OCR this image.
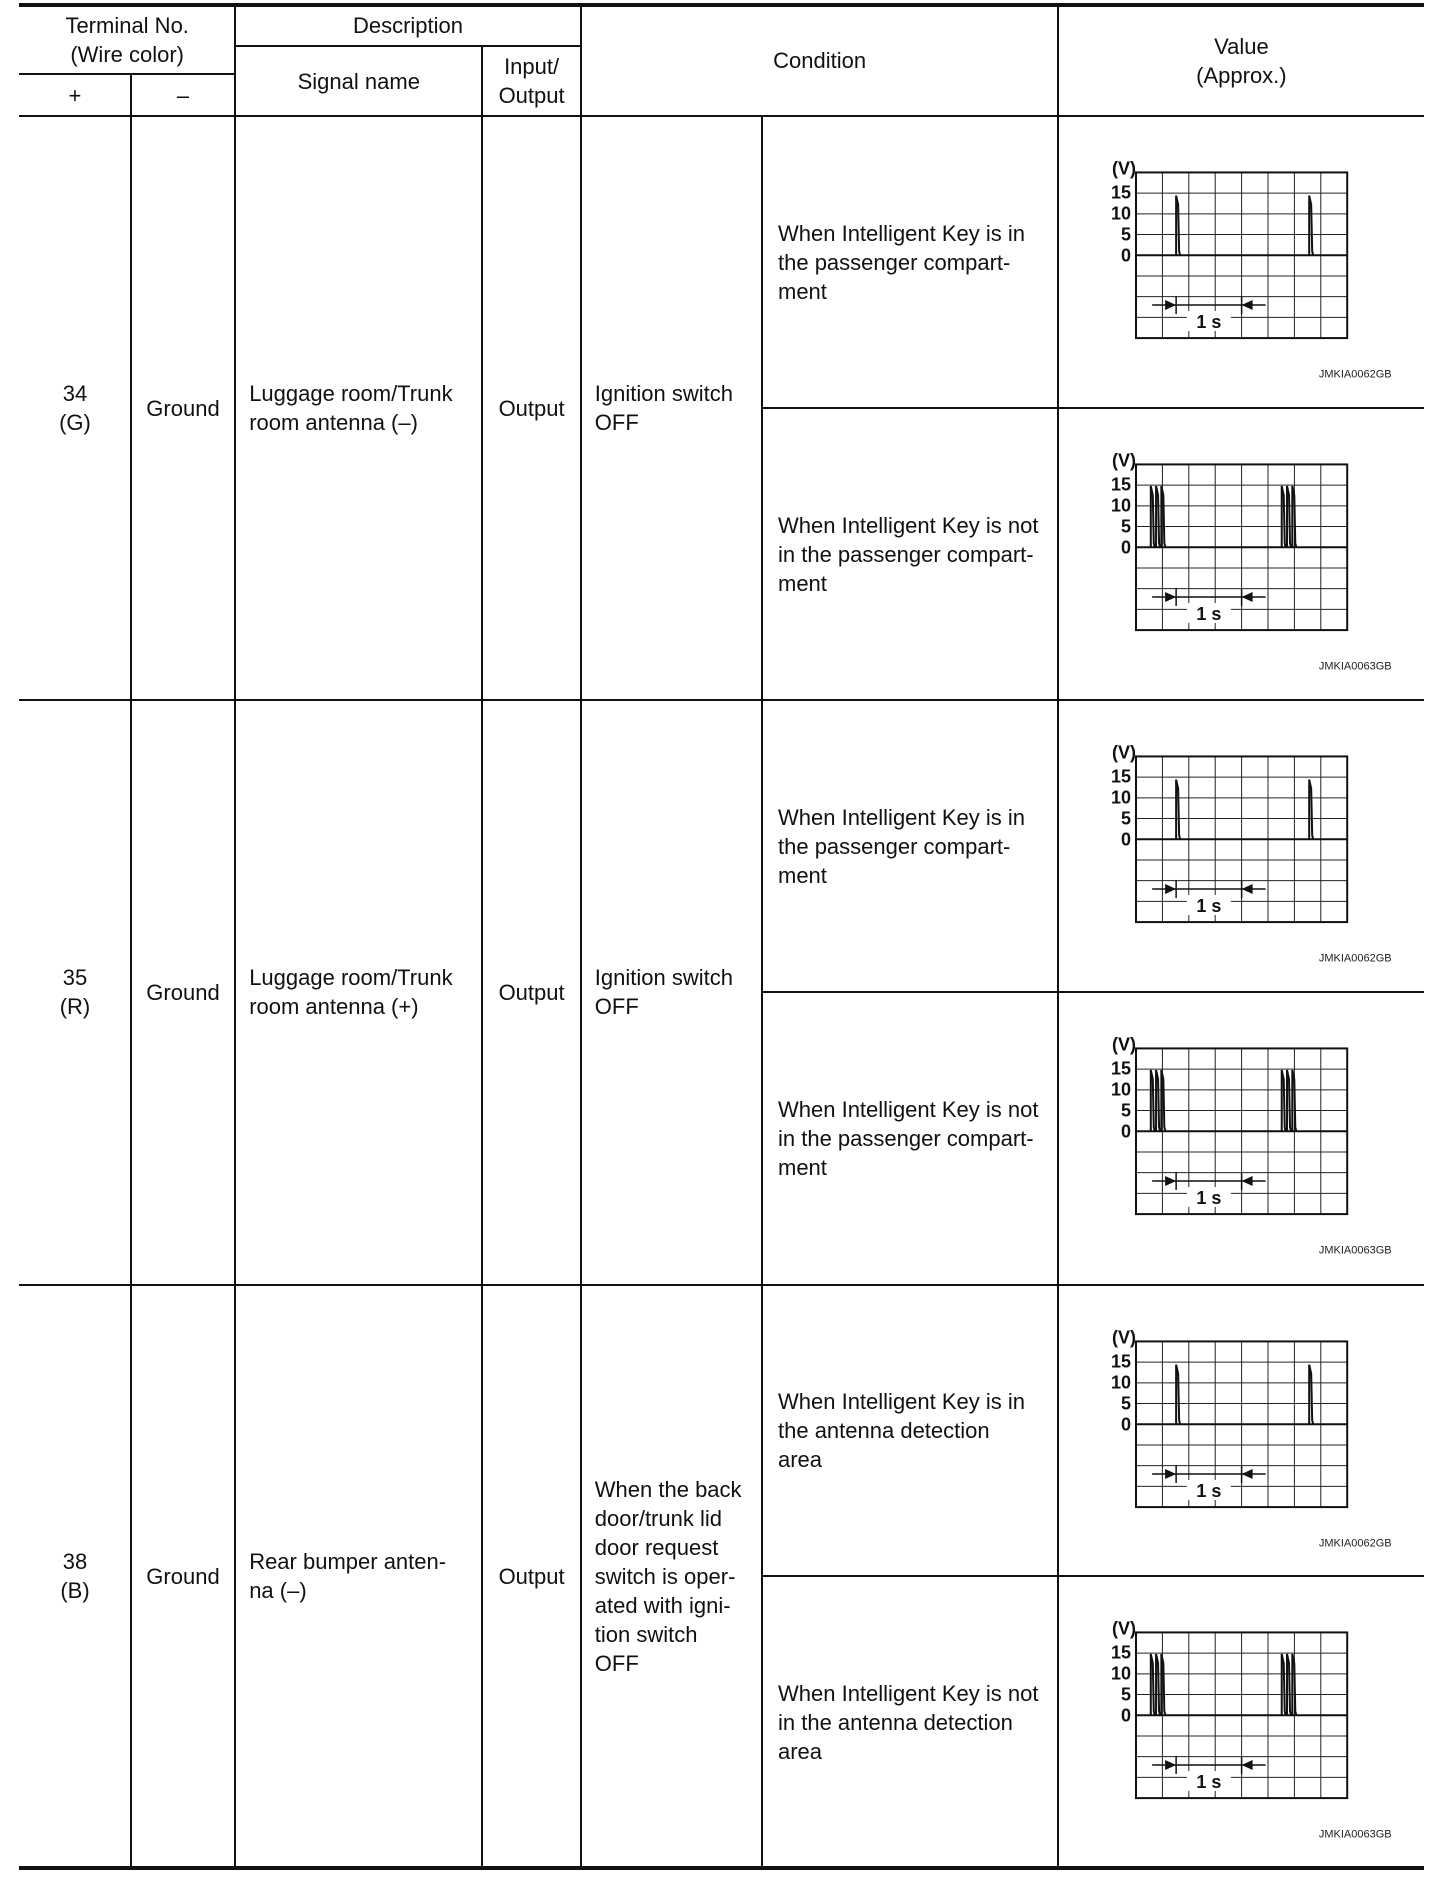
Terminal No.
(Wire color)
+	–
Description
Signal name
Input/
Output
Condition
Value
(Approx.)
34
(G)
Ground
Luggage room/Trunk
room antenna (–)
Output
Ignition switch
OFF
When Intelligent Key is in
the passenger compart-
ment
15
10
5
0
(V)
1 s
JMKIA0062GB
When Intelligent Key is not
in the passenger compart-
ment
15
10
5
0
(V)
1 s
JMKIA0063GB
35
(R)
Ground
Luggage room/Trunk
room antenna (+)
Output
Ignition switch
OFF
When Intelligent Key is in
the passenger compart-
ment
15
10
5
0
(V)
1 s
JMKIA0062GB
When Intelligent Key is not
in the passenger compart-
ment
15
10
5
0
(V)
1 s
JMKIA0063GB
38
(B)
Ground
Rear bumper anten-
na (–)
Output
When the back
door/trunk lid
door request
switch is oper-
ated with igni-
tion switch
OFF
When Intelligent Key is in
the antenna detection
area
15
10
5
0
(V)
1 s
JMKIA0062GB
When Intelligent Key is not
in the antenna detection
area
15
10
5
0
(V)
1 s
JMKIA0063GB
